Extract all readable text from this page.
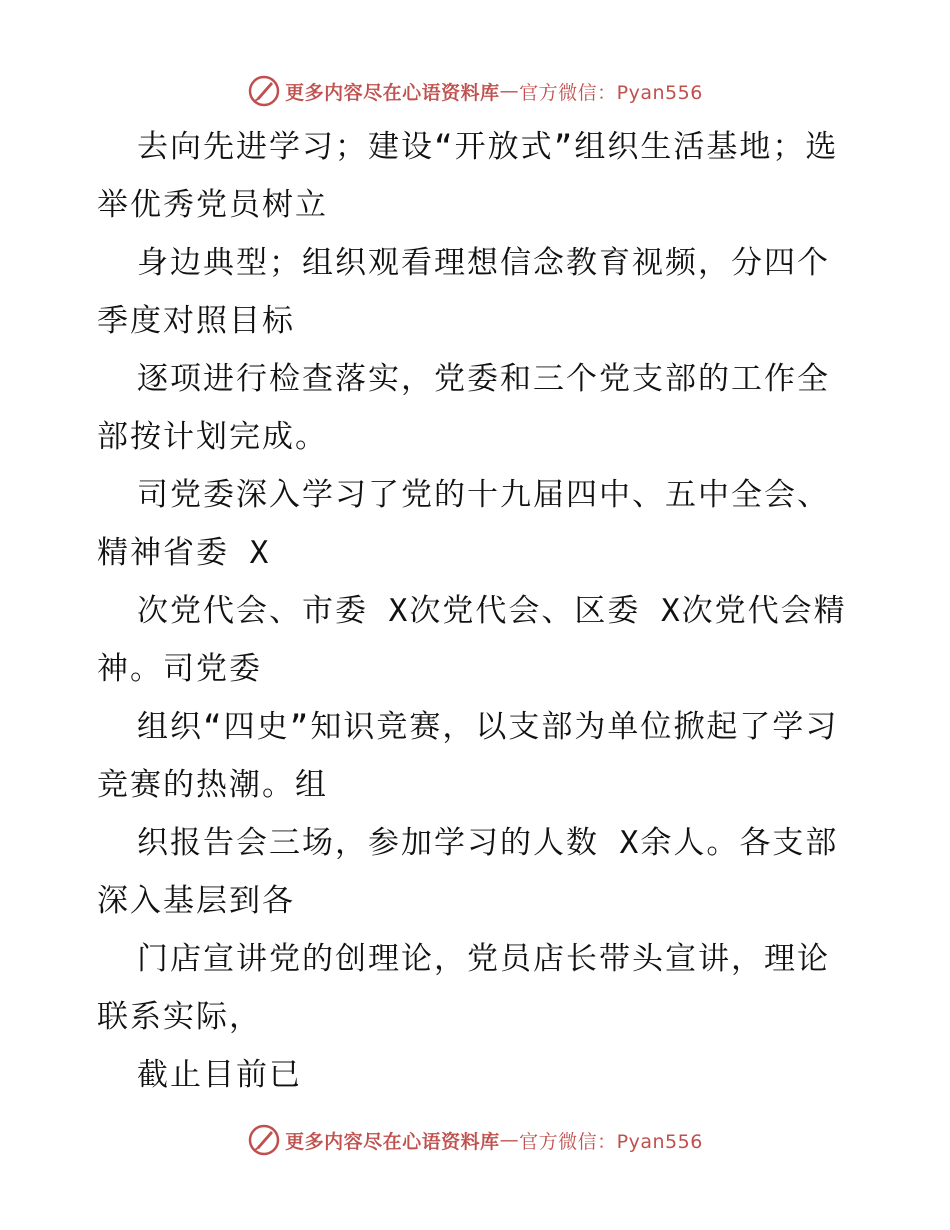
更多内容尽在心语资料库 — 官方微信：Pyan556

去向先进学习；建设“开放式”组织生活基地；选举优秀党员树立

身边典型；组织观看理想信念教育视频，分四个季度对照目标

逐项进行检查落实，党委和三个党支部的工作全部按计划完成。

司党委深入学习了党的十九届四中、五中全会、精神省委 X

次党代会、市委 X次党代会、区委 X次党代会精神。司党委

组织“四史”知识竞赛，以支部为单位掀起了学习竞赛的热潮。组

织报告会三场，参加学习的人数 X余人。各支部深入基层到各

门店宣讲党的创理论，党员店长带头宣讲，理论联系实际，

截止目前已

更多内容尽在心语资料库 — 官方微信：Pyan556
